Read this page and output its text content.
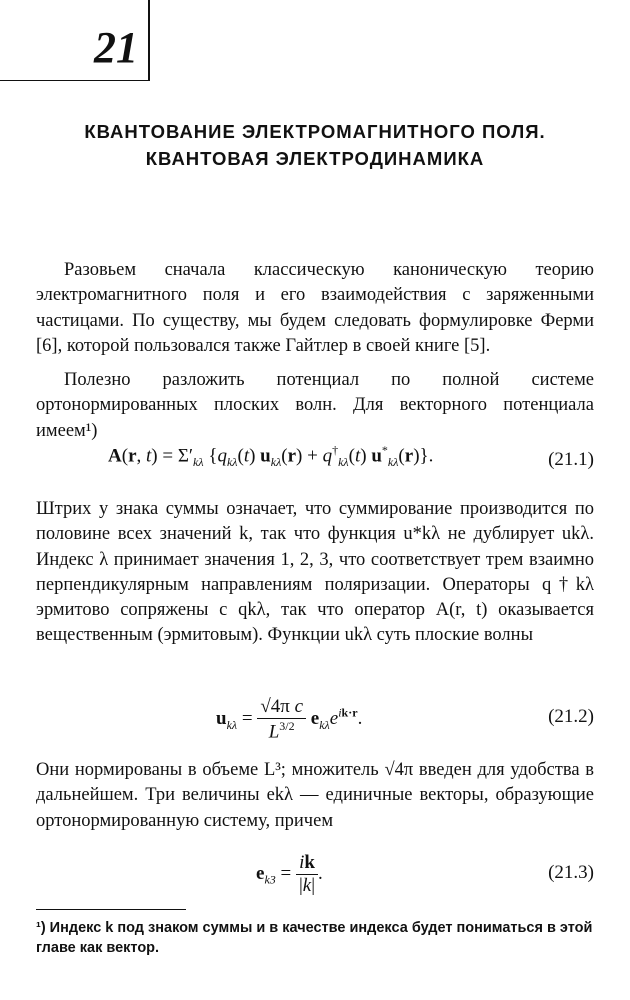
21
КВАНТОВАНИЕ ЭЛЕКТРОМАГНИТНОГО ПОЛЯ.
КВАНТОВАЯ ЭЛЕКТРОДИНАМИКА

Разовьем сначала классическую каноническую теорию электромагнитного поля и его взаимодействия с заряженными частицами. По существу, мы будем следовать формулировке Ферми [6], которой пользовался также Гайтлер в своей книге [5].

Полезно разложить потенциал по полной системе ортонормированных плоских волн. Для векторного потенциала имеем¹)

A(r, $t) = \Sigma'_{k\lambda}$ {$q_{k\lambda}(t) u_{k\lambda}(r) + q^\dagger_{k\lambda}(t)$ $u^*_{k\lambda}(r)$}.	(21.1)

Штрих у знака суммы означает, что суммирование производится по половине всех значений k, так что функция u*kλ не дублирует ukλ. Индекс λ принимает значения 1, 2, 3, что соответствует трем взаимно перпендикулярным направлениям поляризации. Операторы q†kλ эрмитово сопряжены с qkλ, так что оператор A(r, t) оказывается вещественным (эрмитовым). Функции ukλ суть плоские волны

$u_{k\lambda} = \frac{\text{√4π c}}{L^{3/2}} e_{k\lambda}e^{ik\cdot r}$.	(21.2)

Они нормированы в объеме L³; множитель √4π введен для удобства в дальнейшем. Три величины ekλ — единичные векторы, образующие ортонормированную систему, причем

$e_{k3} = \frac{ik}{|k|}$ .	(21.3)

¹) Индекс k под знаком суммы и в качестве индекса будет пониматься в этой главе как вектор.
